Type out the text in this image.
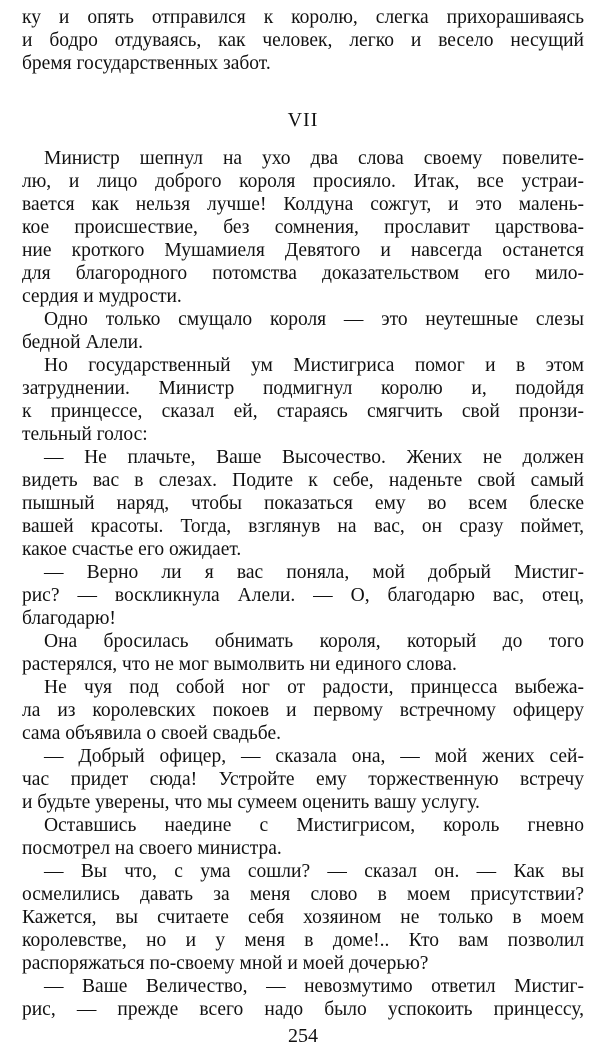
ку и опять отправился к королю, слегка прихорашиваясь
и бодро отдуваясь, как человек, легко и весело несущий
бремя государственных забот.
VII
Министр шепнул на ухо два слова своему повелите-
лю, и лицо доброго короля просияло. Итак, все устраи-
вается как нельзя лучше! Колдуна сожгут, и это малень-
кое происшествие, без сомнения, прославит царствова-
ние кроткого Мушамиеля Девятого и навсегда останется
для благородного потомства доказательством его мило-
сердия и мудрости.
Одно только смущало короля — это неутешные слезы
бедной Алели.
Но государственный ум Мистигриса помог и в этом
затруднении. Министр подмигнул королю и, подойдя
к принцессе, сказал ей, стараясь смягчить свой пронзи-
тельный голос:
— Не плачьте, Ваше Высочество. Жених не должен
видеть вас в слезах. Подите к себе, наденьте свой самый
пышный наряд, чтобы показаться ему во всем блеске
вашей красоты. Тогда, взглянув на вас, он сразу поймет,
какое счастье его ожидает.
— Верно ли я вас поняла, мой добрый Мистиг-
рис? — воскликнула Алели. — О, благодарю вас, отец,
благодарю!
Она бросилась обнимать короля, который до того
растерялся, что не мог вымолвить ни единого слова.
Не чуя под собой ног от радости, принцесса выбежа-
ла из королевских покоев и первому встречному офицеру
сама объявила о своей свадьбе.
— Добрый офицер, — сказала она, — мой жених сей-
час придет сюда! Устройте ему торжественную встречу
и будьте уверены, что мы сумеем оценить вашу услугу.
Оставшись наедине с Мистигрисом, король гневно
посмотрел на своего министра.
— Вы что, с ума сошли? — сказал он. — Как вы
осмелились давать за меня слово в моем присутствии?
Кажется, вы считаете себя хозяином не только в моем
королевстве, но и у меня в доме!.. Кто вам позволил
распоряжаться по-своему мной и моей дочерью?
— Ваше Величество, — невозмутимо ответил Мистиг-
254
рис, — прежде всего надо было успокоить принцессу,
